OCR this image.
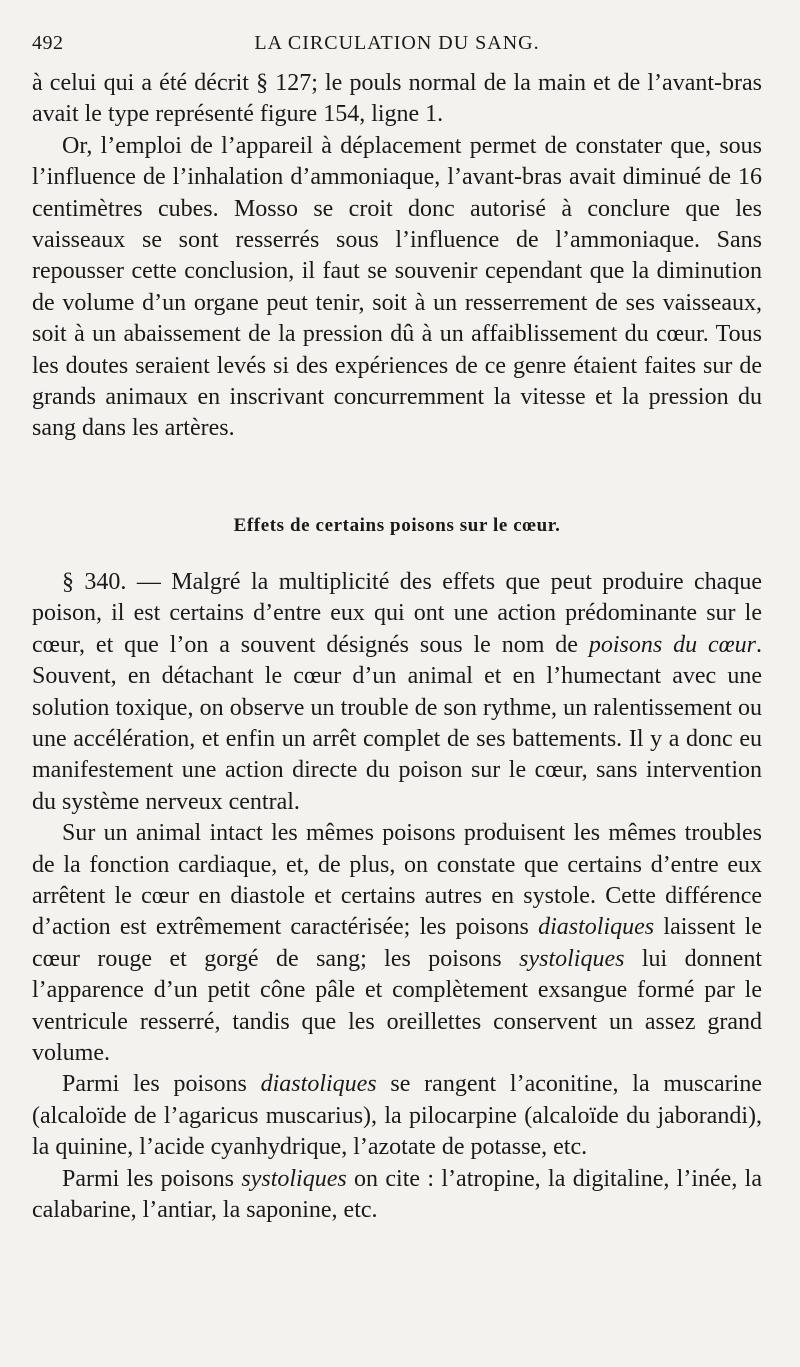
492	LA CIRCULATION DU SANG.

à celui qui a été décrit § 127; le pouls normal de la main et de l’avant-bras avait le type représenté figure 154, ligne 1.

Or, l’emploi de l’appareil à déplacement permet de constater que, sous l’influence de l’inhalation d’ammoniaque, l’avant-bras avait diminué de 16 centimètres cubes. Mosso se croit donc autorisé à conclure que les vaisseaux se sont resserrés sous l’influence de l’ammoniaque. Sans repousser cette conclusion, il faut se souvenir cependant que la diminution de volume d’un organe peut tenir, soit à un resserrement de ses vaisseaux, soit à un abaissement de la pression dû à un affaiblissement du cœur. Tous les doutes seraient levés si des expériences de ce genre étaient faites sur de grands animaux en inscrivant concurremment la vitesse et la pression du sang dans les artères.

Effets de certains poisons sur le cœur.

§ 340. — Malgré la multiplicité des effets que peut produire chaque poison, il est certains d’entre eux qui ont une action prédominante sur le cœur, et que l’on a souvent désignés sous le nom de poisons du cœur. Souvent, en détachant le cœur d’un animal et en l’humectant avec une solution toxique, on observe un trouble de son rythme, un ralentissement ou une accélération, et enfin un arrêt complet de ses battements. Il y a donc eu manifestement une action directe du poison sur le cœur, sans intervention du système nerveux central.

Sur un animal intact les mêmes poisons produisent les mêmes troubles de la fonction cardiaque, et, de plus, on constate que certains d’entre eux arrêtent le cœur en diastole et certains autres en systole. Cette différence d’action est extrêmement caractérisée; les poisons diastoliques laissent le cœur rouge et gorgé de sang; les poisons systoliques lui donnent l’apparence d’un petit cône pâle et complètement exsangue formé par le ventricule resserré, tandis que les oreillettes conservent un assez grand volume.

Parmi les poisons diastoliques se rangent l’aconitine, la muscarine (alcaloïde de l’agaricus muscarius), la pilocarpine (alcaloïde du jaborandi), la quinine, l’acide cyanhydrique, l’azotate de potasse, etc.

Parmi les poisons systoliques on cite : l’atropine, la digitaline, l’inée, la calabarine, l’antiar, la saponine, etc.
